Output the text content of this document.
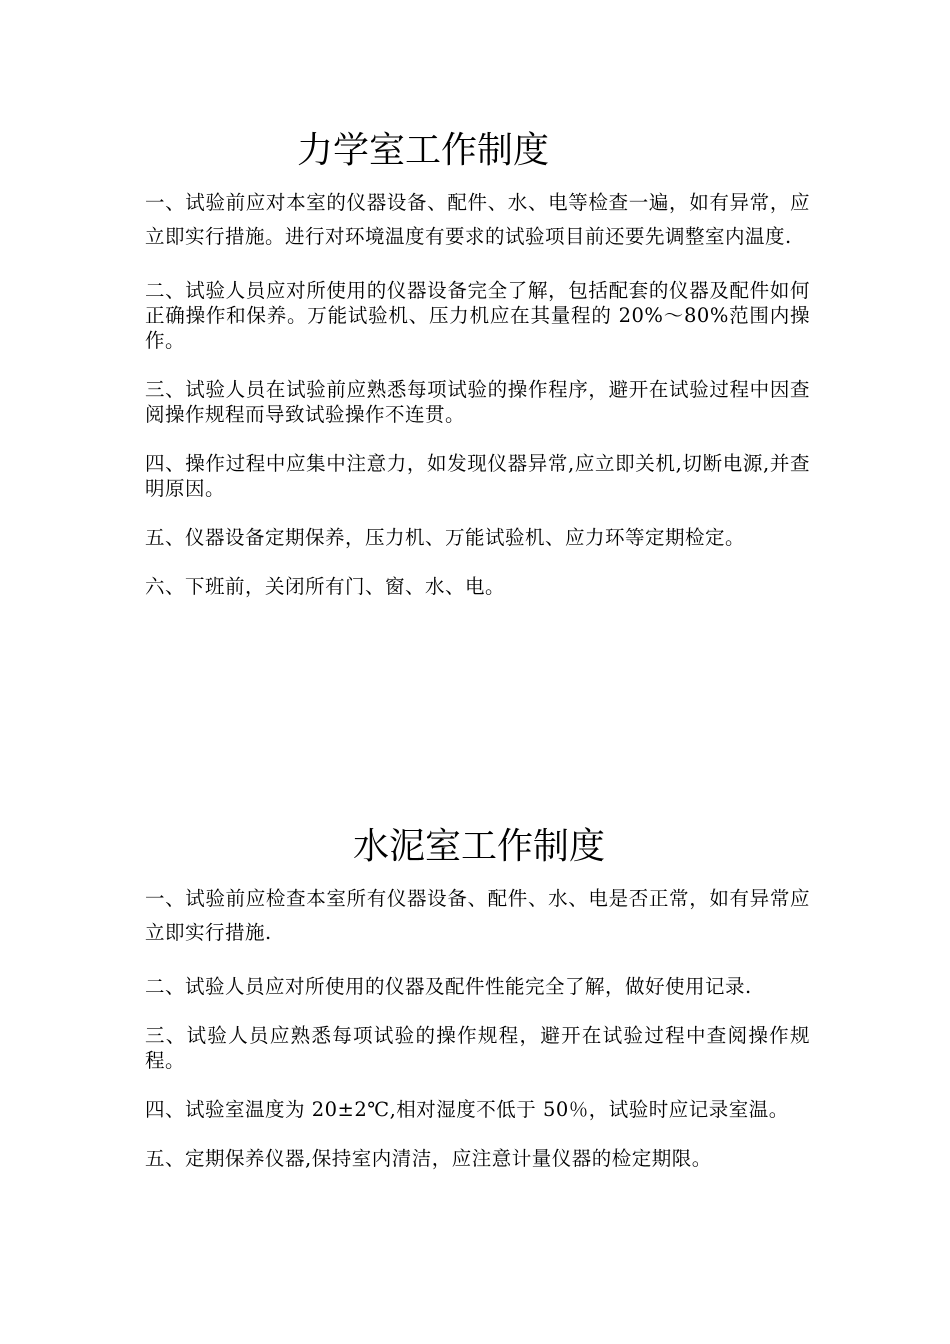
力学室工作制度

一、试验前应对本室的仪器设备、配件、水、电等检查一遍，如有异常，应立即实行措施。进行对环境温度有要求的试验项目前还要先调整室内温度.

二、试验人员应对所使用的仪器设备完全了解，包括配套的仪器及配件如何正确操作和保养。万能试验机、压力机应在其量程的 20%～80%范围内操作。

三、试验人员在试验前应熟悉每项试验的操作程序，避开在试验过程中因查阅操作规程而导致试验操作不连贯。

四、操作过程中应集中注意力，如发现仪器异常,应立即关机,切断电源,并查明原因。

五、仪器设备定期保养，压力机、万能试验机、应力环等定期检定。

六、下班前，关闭所有门、窗、水、电。

水泥室工作制度

一、试验前应检查本室所有仪器设备、配件、水、电是否正常，如有异常应立即实行措施.

二、试验人员应对所使用的仪器及配件性能完全了解，做好使用记录.

三、试验人员应熟悉每项试验的操作规程，避开在试验过程中查阅操作规程。

四、试验室温度为 20±2℃,相对湿度不低于 50％，试验时应记录室温。

五、定期保养仪器,保持室内清洁，应注意计量仪器的检定期限。
